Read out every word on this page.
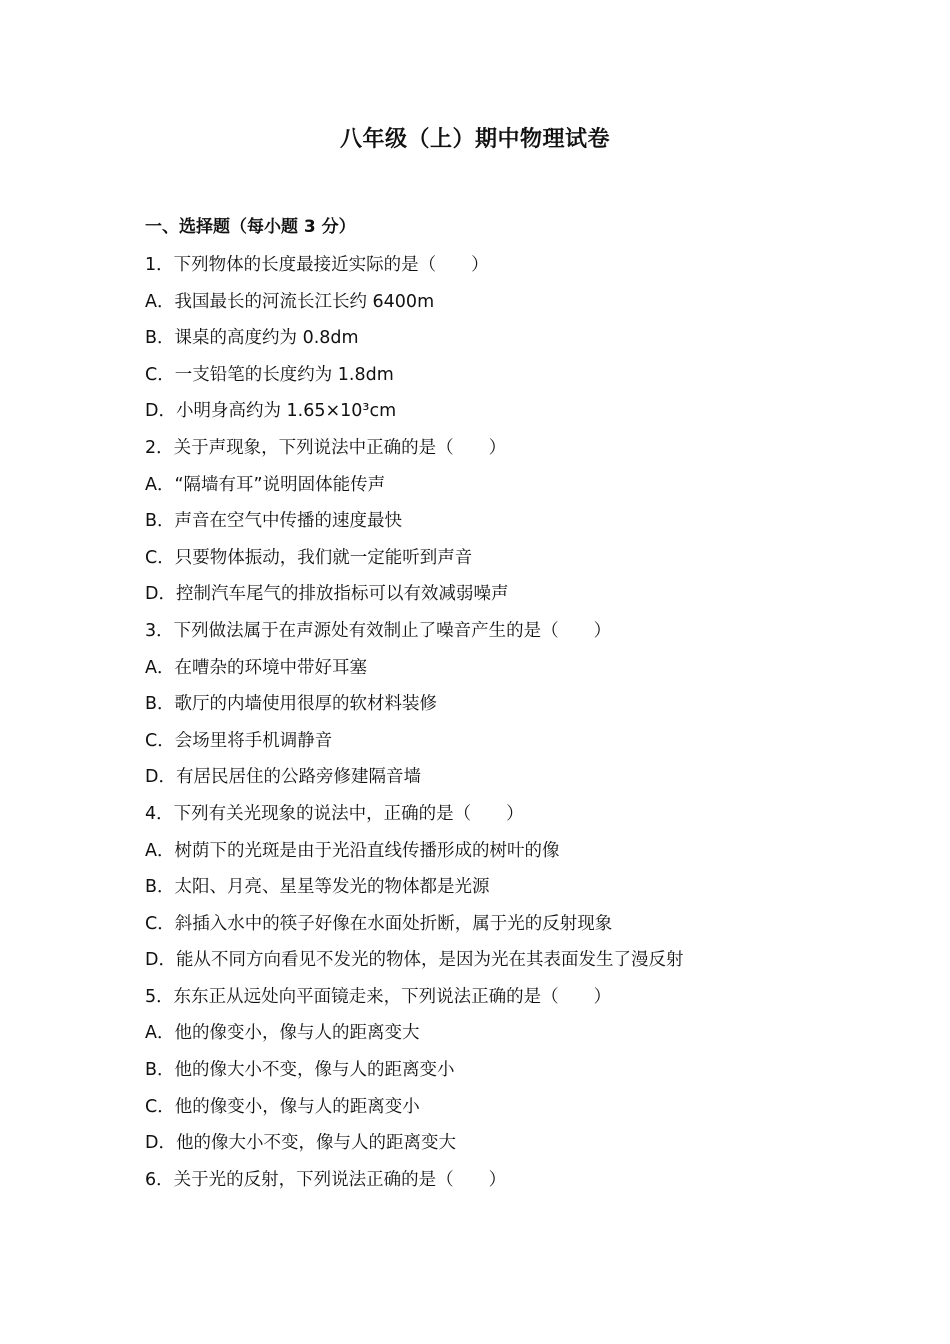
八年级（上）期中物理试卷
一、选择题（每小题 3 分）
1．下列物体的长度最接近实际的是（　　）
A．我国最长的河流长江长约 6400m
B．课桌的高度约为 0.8dm
C．一支铅笔的长度约为 1.8dm
D．小明身高约为 1.65×10³cm
2．关于声现象，下列说法中正确的是（　　）
A．“隔墙有耳”说明固体能传声
B．声音在空气中传播的速度最快
C．只要物体振动，我们就一定能听到声音
D．控制汽车尾气的排放指标可以有效减弱噪声
3．下列做法属于在声源处有效制止了噪音产生的是（　　）
A．在嘈杂的环境中带好耳塞
B．歌厅的内墙使用很厚的软材料装修
C．会场里将手机调静音
D．有居民居住的公路旁修建隔音墙
4．下列有关光现象的说法中，正确的是（　　）
A．树荫下的光斑是由于光沿直线传播形成的树叶的像
B．太阳、月亮、星星等发光的物体都是光源
C．斜插入水中的筷子好像在水面处折断，属于光的反射现象
D．能从不同方向看见不发光的物体，是因为光在其表面发生了漫反射
5．东东正从远处向平面镜走来，下列说法正确的是（　　）
A．他的像变小，像与人的距离变大
B．他的像大小不变，像与人的距离变小
C．他的像变小，像与人的距离变小
D．他的像大小不变，像与人的距离变大
6．关于光的反射，下列说法正确的是（　　）
